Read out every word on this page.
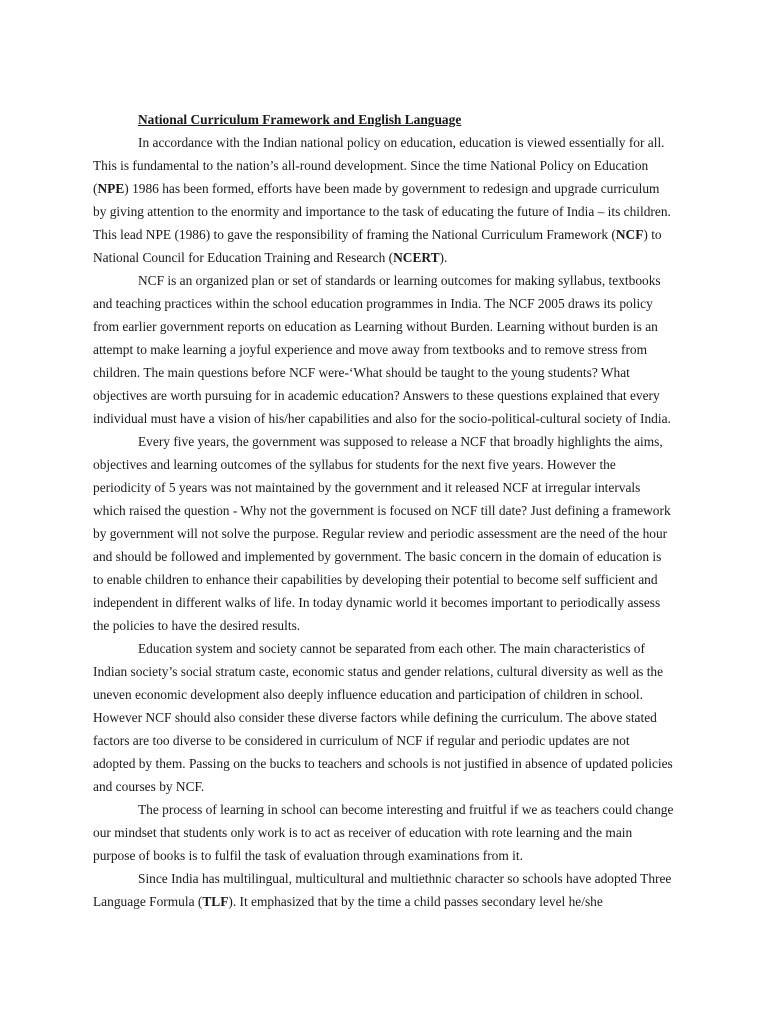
National Curriculum Framework and English Language

In accordance with the Indian national policy on education, education is viewed essentially for all. This is fundamental to the nation’s all-round development. Since the time National Policy on Education (NPE) 1986 has been formed, efforts have been made by government to redesign and upgrade curriculum by giving attention to the enormity and importance to the task of educating the future of India – its children. This lead NPE (1986) to gave the responsibility of framing the National Curriculum Framework (NCF) to National Council for Education Training and Research (NCERT).

NCF is an organized plan or set of standards or learning outcomes for making syllabus, textbooks and teaching practices within the school education programmes in India. The NCF 2005 draws its policy from earlier government reports on education as Learning without Burden. Learning without burden is an attempt to make learning a joyful experience and move away from textbooks and to remove stress from children. The main questions before NCF were-‘What should be taught to the young students? What objectives are worth pursuing for in academic education? Answers to these questions explained that every individual must have a vision of his/her capabilities and also for the socio-political-cultural society of India.

Every five years, the government was supposed to release a NCF that broadly highlights the aims, objectives and learning outcomes of the syllabus for students for the next five years. However the periodicity of 5 years was not maintained by the government and it released NCF at irregular intervals which raised the question - Why not the government is focused on NCF till date? Just defining a framework by government will not solve the purpose. Regular review and periodic assessment are the need of the hour and should be followed and implemented by government. The basic concern in the domain of education is to enable children to enhance their capabilities by developing their potential to become self sufficient and independent in different walks of life. In today dynamic world it becomes important to periodically assess the policies to have the desired results.

Education system and society cannot be separated from each other. The main characteristics of Indian society’s social stratum caste, economic status and gender relations, cultural diversity as well as the uneven economic development also deeply influence education and participation of children in school. However NCF should also consider these diverse factors while defining the curriculum. The above stated factors are too diverse to be considered in curriculum of NCF if regular and periodic updates are not adopted by them. Passing on the bucks to teachers and schools is not justified in absence of updated policies and courses by NCF.

The process of learning in school can become interesting and fruitful if we as teachers could change our mindset that students only work is to act as receiver of education with rote learning and the main purpose of books is to fulfil the task of evaluation through examinations from it.

Since India has multilingual, multicultural and multiethnic character so schools have adopted Three Language Formula (TLF). It emphasized that by the time a child passes secondary level he/she
